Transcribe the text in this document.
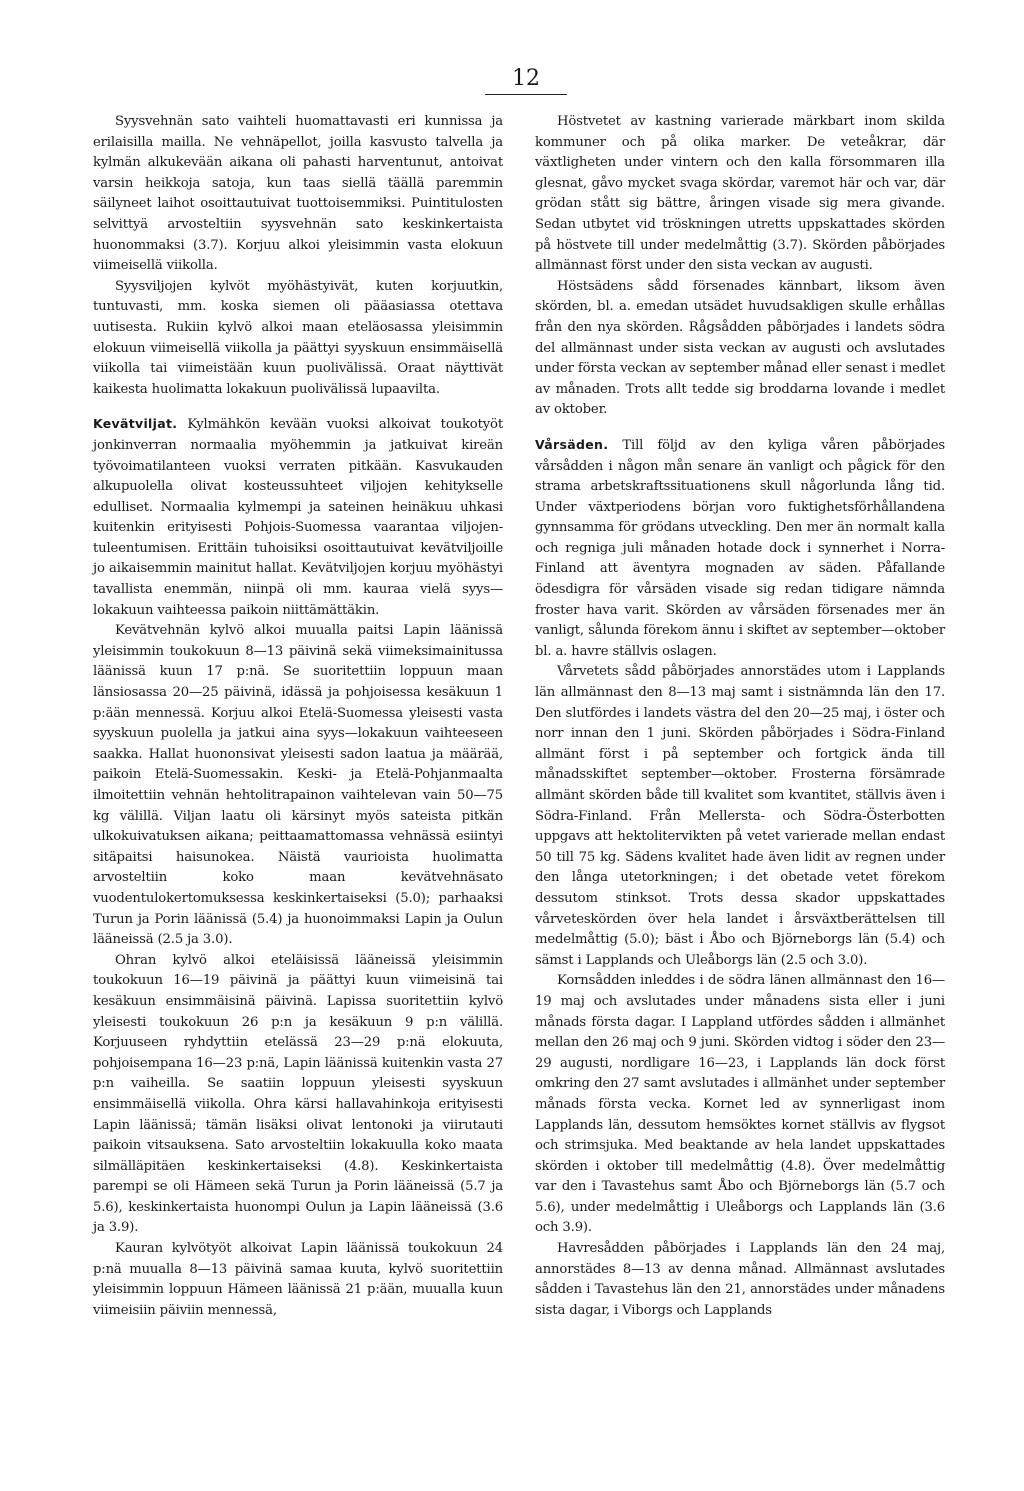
12

Syysvehnän sato vaihteli huomattavasti eri kunnissa ja erilaisilla mailla. Ne vehnäpellot, joilla kasvusto talvella ja kylmän alkukevään aikana oli pahasti harventunut, antoivat varsin heikkoja satoja, kun taas siellä täällä paremmin säilyneet laihot osoittautuivat tuottoisemmiksi. Puintitulosten selvittyä arvosteltiin syysvehnän sato keskinkertaista huonommaksi (3.7). Korjuu alkoi yleisimmin vasta elokuun viimeisellä viikolla.

Syysviljojen kylvöt myöhästyivät, kuten korjuutkin, tuntuvasti, mm. koska siemen oli pääasiassa otettava uutisesta. Rukiin kylvö alkoi maan eteläosassa yleisimmin elokuun viimeisellä viikolla ja päättyi syyskuun ensimmäisellä viikolla tai viimeistään kuun puolivälissä. Oraat näyttivät kaikesta huolimatta lokakuun puolivälissä lupaavilta.

Kevätviljat. Kylmähkön kevään vuoksi alkoivat toukotyöt jonkinverran normaalia myöhemmin ja jatkuivat kireän työvoimatilanteen vuoksi verraten pitkään. Kasvukauden alkupuolella olivat kosteussuhteet viljojen kehitykselle edulliset. Normaalia kylmempi ja sateinen heinäkuu uhkasi kuitenkin erityisesti Pohjois-Suomessa vaarantaa viljojen- tuleentumisen. Erittäin tuhoisiksi osoittautuivat kevätviljoille jo aikaisemmin mainitut hallat. Kevätviljojen korjuu myöhästyi tavallista enemmän, niinpä oli mm. kauraa vielä syys—lokakuun vaihteessa paikoin niittämättäkin.

Kevätvehnän kylvö alkoi muualla paitsi Lapin läänissä yleisimmin toukokuun 8—13 päivinä sekä viimeksimainitussa läänissä kuun 17 p:nä. Se suoritettiin loppuun maan länsiosassa 20—25 päivinä, idässä ja pohjoisessa kesäkuun 1 p:ään mennessä. Korjuu alkoi Etelä-Suomessa yleisesti vasta syyskuun puolella ja jatkui aina syys—lokakuun vaihteeseen saakka. Hallat huononsivat yleisesti sadon laatua ja määrää, paikoin Etelä-Suomessakin. Keski- ja Etelä-Pohjanmaalta ilmoitettiin vehnän hehtolitrapainon vaihtelevan vain 50—75 kg välillä. Viljan laatu oli kärsinyt myös sateista pitkän ulkokuivatuksen aikana; peittaamattomassa vehnässä esiintyi sitäpaitsi haisunokea. Näistä vaurioista huolimatta arvosteltiin koko maan kevätvehnäsato vuodentulokertomuksessa keskinkertaiseksi (5.0); parhaaksi Turun ja Porin läänissä (5.4) ja huonoimmaksi Lapin ja Oulun lääneissä (2.5 ja 3.0).

Ohran kylvö alkoi eteläisissä lääneissä yleisimmin toukokuun 16—19 päivinä ja päättyi kuun viimeisinä tai kesäkuun ensimmäisinä päivinä. Lapissa suoritettiin kylvö yleisesti toukokuun 26 p:n ja kesäkuun 9 p:n välillä. Korjuuseen ryhdyttiin etelässä 23—29 p:nä elokuuta, pohjoisempana 16—23 p:nä, Lapin läänissä kuitenkin vasta 27 p:n vaiheilla. Se saatiin loppuun yleisesti syyskuun ensimmäisellä viikolla. Ohra kärsi hallavahinkoja erityisesti Lapin läänissä; tämän lisäksi olivat lentonoki ja viirutauti paikoin vitsauksena. Sato arvosteltiin lokakuulla koko maata silmälläpitäen keskinkertaiseksi (4.8). Keskinkertaista parempi se oli Hämeen sekä Turun ja Porin lääneissä (5.7 ja 5.6), keskinkertaista huonompi Oulun ja Lapin lääneissä (3.6 ja 3.9).

Kauran kylvötyöt alkoivat Lapin läänissä toukokuun 24 p:nä muualla 8—13 päivinä samaa kuuta, kylvö suoritettiin yleisimmin loppuun Hämeen läänissä 21 p:ään, muualla kuun viimeisiin päiviin mennessä,

Höstvetet av kastning varierade märkbart inom skilda kommuner och på olika marker. De veteåkrar, där växtligheten under vintern och den kalla försommaren illa glesnat, gåvo mycket svaga skördar, varemot här och var, där grödan stått sig bättre, åringen visade sig mera givande. Sedan utbytet vid tröskningen utretts uppskattades skörden på höstvete till under medelmåttig (3.7). Skörden påbörjades allmännast först under den sista veckan av augusti.

Höstsädens sådd försenades kännbart, liksom även skörden, bl. a. emedan utsädet huvudsakligen skulle erhållas från den nya skörden. Rågsådden påbörjades i landets södra del allmännast under sista veckan av augusti och avslutades under första veckan av september månad eller senast i medlet av månaden. Trots allt tedde sig broddarna lovande i medlet av oktober.

Vårsäden. Till följd av den kyliga våren påbörjades vårsådden i någon mån senare än vanligt och pågick för den strama arbetskraftssituationens skull någorlunda lång tid. Under växtperiodens början voro fuktighetsförhållandena gynnsamma för grödans utveckling. Den mer än normalt kalla och regniga juli månaden hotade dock i synnerhet i Norra-Finland att äventyra mognaden av säden. Påfallande ödesdigra för vårsäden visade sig redan tidigare nämnda froster hava varit. Skörden av vårsäden försenades mer än vanligt, sålunda förekom ännu i skiftet av september—oktober bl. a. havre ställvis oslagen.

Vårvetets sådd påbörjades annorstädes utom i Lapplands län allmännast den 8—13 maj samt i sistnämnda län den 17. Den slutfördes i landets västra del den 20—25 maj, i öster och norr innan den 1 juni. Skörden påbörjades i Södra-Finland allmänt först i på september och fortgick ända till månadsskiftet september—oktober. Frosterna försämrade allmänt skörden både till kvalitet som kvantitet, ställvis även i Södra-Finland. Från Mellersta- och Södra-Österbotten uppgavs att hektolitervikten på vetet varierade mellan endast 50 till 75 kg. Sädens kvalitet hade även lidit av regnen under den långa utetorkningen; i det obetade vetet förekom dessutom stinksot. Trots dessa skador uppskattades vårveteskörden över hela landet i årsväxtberättelsen till medelmåttig (5.0); bäst i Åbo och Björneborgs län (5.4) och sämst i Lapplands och Uleåborgs län (2.5 och 3.0).

Kornsådden inleddes i de södra länen allmännast den 16—19 maj och avslutades under månadens sista eller i juni månads första dagar. I Lappland utfördes sådden i allmänhet mellan den 26 maj och 9 juni. Skörden vidtog i söder den 23—29 augusti, nordligare 16—23, i Lapplands län dock först omkring den 27 samt avslutades i allmänhet under september månads första vecka. Kornet led av synnerligast inom Lapplands län, dessutom hemsöktes kornet ställvis av flygsot och strimsjuka. Med beaktande av hela landet uppskattades skörden i oktober till medelmåttig (4.8). Över medelmåttig var den i Tavastehus samt Åbo och Björneborgs län (5.7 och 5.6), under medelmåttig i Uleåborgs och Lapplands län (3.6 och 3.9).

Havresådden påbörjades i Lapplands län den 24 maj, annorstädes 8—13 av denna månad. Allmännast avslutades sådden i Tavastehus län den 21, annorstädes under månadens sista dagar, i Viborgs och Lapplands
